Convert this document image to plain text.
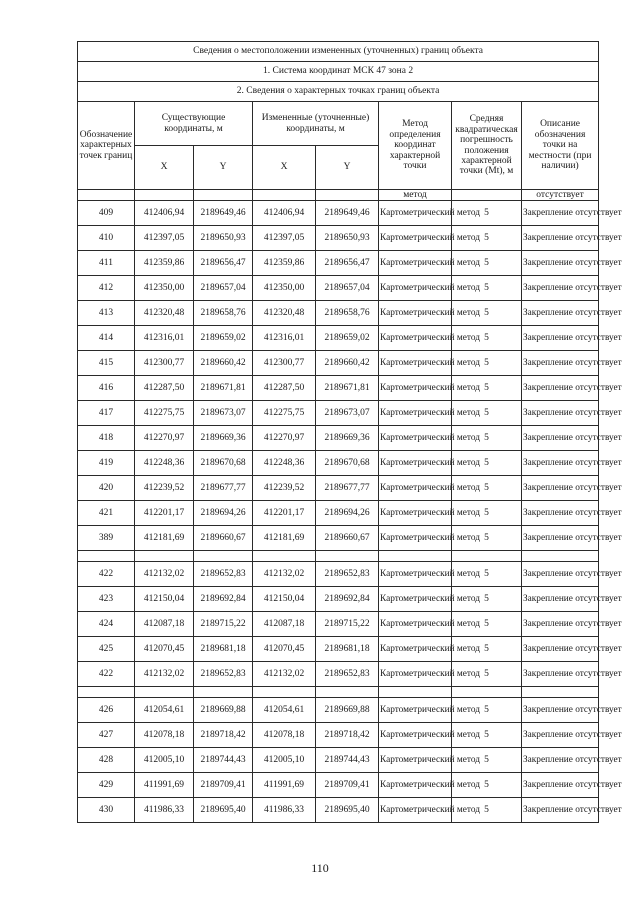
Сведения о местоположении измененных (уточненных) границ объекта							
1. Система координат МСК 47 зона 2							
2. Сведения о характерных точках границ объекта							
Обозначение характерных точек границ	Существующие координаты, м		Измененные (уточненные) координаты, м		Метод определения координат характерной точки	Средняя квадратическая погрешность положения характерной точки (Mt), м	Описание обозначения точки на местности (при наличии)
	X	Y	X	Y			
					метод		отсутствует
409	412406,94	2189649,46	412406,94	2189649,46	Картометрический метод	5	Закрепление отсутствует
410	412397,05	2189650,93	412397,05	2189650,93	Картометрический метод	5	Закрепление отсутствует
411	412359,86	2189656,47	412359,86	2189656,47	Картометрический метод	5	Закрепление отсутствует
412	412350,00	2189657,04	412350,00	2189657,04	Картометрический метод	5	Закрепление отсутствует
413	412320,48	2189658,76	412320,48	2189658,76	Картометрический метод	5	Закрепление отсутствует
414	412316,01	2189659,02	412316,01	2189659,02	Картометрический метод	5	Закрепление отсутствует
415	412300,77	2189660,42	412300,77	2189660,42	Картометрический метод	5	Закрепление отсутствует
416	412287,50	2189671,81	412287,50	2189671,81	Картометрический метод	5	Закрепление отсутствует
417	412275,75	2189673,07	412275,75	2189673,07	Картометрический метод	5	Закрепление отсутствует
418	412270,97	2189669,36	412270,97	2189669,36	Картометрический метод	5	Закрепление отсутствует
419	412248,36	2189670,68	412248,36	2189670,68	Картометрический метод	5	Закрепление отсутствует
420	412239,52	2189677,77	412239,52	2189677,77	Картометрический метод	5	Закрепление отсутствует
421	412201,17	2189694,26	412201,17	2189694,26	Картометрический метод	5	Закрепление отсутствует
389	412181,69	2189660,67	412181,69	2189660,67	Картометрический метод	5	Закрепление отсутствует

422	412132,02	2189652,83	412132,02	2189652,83	Картометрический метод	5	Закрепление отсутствует
423	412150,04	2189692,84	412150,04	2189692,84	Картометрический метод	5	Закрепление отсутствует
424	412087,18	2189715,22	412087,18	2189715,22	Картометрический метод	5	Закрепление отсутствует
425	412070,45	2189681,18	412070,45	2189681,18	Картометрический метод	5	Закрепление отсутствует
422	412132,02	2189652,83	412132,02	2189652,83	Картометрический метод	5	Закрепление отсутствует

426	412054,61	2189669,88	412054,61	2189669,88	Картометрический метод	5	Закрепление отсутствует
427	412078,18	2189718,42	412078,18	2189718,42	Картометрический метод	5	Закрепление отсутствует
428	412005,10	2189744,43	412005,10	2189744,43	Картометрический метод	5	Закрепление отсутствует
429	411991,69	2189709,41	411991,69	2189709,41	Картометрический метод	5	Закрепление отсутствует
430	411986,33	2189695,40	411986,33	2189695,40	Картометрический метод	5	Закрепление отсутствует
110
